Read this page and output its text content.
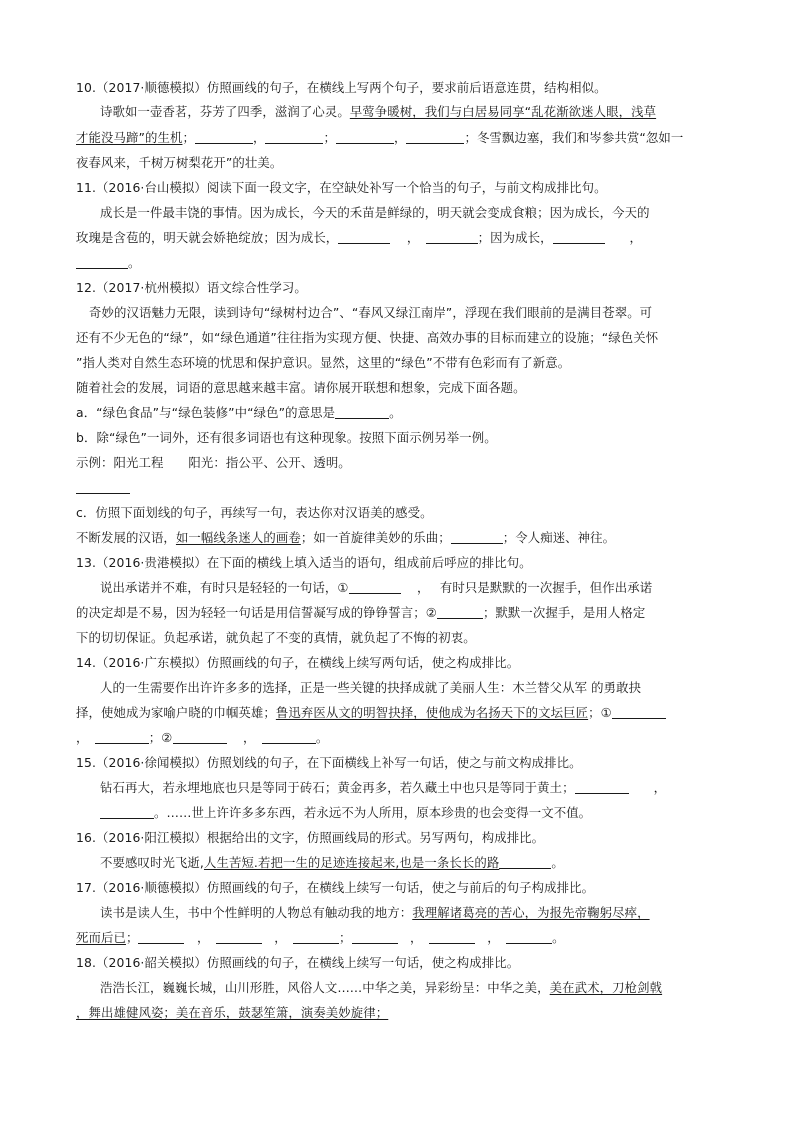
10.（2017·顺德模拟）仿照画线的句子，在横线上写两个句子，要求前后语意连贯，结构相似。
诗歌如一壶香茗，芬芳了四季，滋润了心灵。早莺争暖树，我们与白居易同享“乱花渐欲迷人眼，浅草
才能没马蹄”的生机；	，	；	，	；冬雪飘边塞，我们和岑参共赏“忽如一
夜春风来，千树万树梨花开”的壮美。
11.（2016·台山模拟）阅读下面一段文字，在空缺处补写一个恰当的句子，与前文构成排比句。
成长是一件最丰饶的事情。因为成长，今天的禾苗是鲜绿的，明天就会变成食粮；因为成长，今天的
玫瑰是含苞的，明天就会娇艳绽放；因为成长，	　 ，　	；因为成长，	　　，
。
12.（2017·杭州模拟）语文综合性学习。
奇妙的汉语魅力无限，读到诗句“绿树村边合”、“春风又绿江南岸”，浮现在我们眼前的是满目苍翠。可
还有不少无色的“绿”，如“绿色通道”往往指为实现方便、快捷、高效办事的目标而建立的设施；“绿色关怀
”指人类对自然生态环境的忧思和保护意识。显然，这里的“绿色”不带有色彩而有了新意。
随着社会的发展，词语的意思越来越丰富。请你展开联想和想象，完成下面各题。
a．“绿色食品”与“绿色装修”中“绿色”的意思是	。
b．除“绿色”一词外，还有很多词语也有这种现象。按照下面示例另举一例。
示例：阳光工程　　 阳光：指公平、公开、透明。
c．仿照下面划线的句子，再续写一句，表达你对汉语美的感受。
不断发展的汉语，如一幅线条迷人的画卷；如一首旋律美妙的乐曲；	；令人痴迷、神往。
13.（2016·贵港模拟）在下面的横线上填入适当的语句，组成前后呼应的排比句。
说出承诺并不难，有时只是轻轻的一句话，①	　 ，　 有时只是默默的一次握手，但作出承诺
的决定却是不易，因为轻轻一句话是用信誓凝写成的铮铮誓言；②	；默默一次握手，是用人格定
下的切切保证。负起承诺，就负起了不变的真情，就负起了不悔的初衷。
14.（2016·广东模拟）仿照画线的句子，在横线上续写两句话，使之构成排比。
人的一生需要作出许许多多的选择，正是一些关键的抉择成就了美丽人生：木兰替父从军 的勇敢抉
择，使她成为家喻户晓的巾帼英雄；鲁迅弃医从文的明智抉择，使他成为名扬天下的文坛巨匠；①
，　	；②	　 ，　	。
15.（2016·徐闻模拟）仿照划线的句子，在下面横线上补写一句话，使之与前文构成排比。
钻石再大，若永埋地底也只是等同于砖石；黄金再多，若久藏土中也只是等同于黄土；	　　，
。……世上许许多多东西，若永远不为人所用，原本珍贵的也会变得一文不值。
16.（2016·阳江模拟）根据给出的文字，仿照画线局的形式。另写两句，构成排比。
不要感叹时光飞逝,人生苦短.若把一生的足迹连接起来,也是一条长长的路	。
17.（2016·顺德模拟）仿照画线的句子，在横线上续写一句话，使之与前后的句子构成排比。
读书是读人生，书中个性鲜明的人物总有触动我的地方：我理解诸葛亮的苦心，为报先帝鞠躬尽瘁，
死而后已；	　，　	　，　	；	　，　	　，　	。
18.（2016·韶关模拟）仿照画线的句子，在横线上续写一句话，使之构成排比。
浩浩长江，巍巍长城，山川形胜，风俗人文……中华之美，异彩纷呈：中华之美，美在武术，刀枪剑戟
，舞出雄健风姿；美在音乐，鼓瑟笙箫，演奏美妙旋律；
